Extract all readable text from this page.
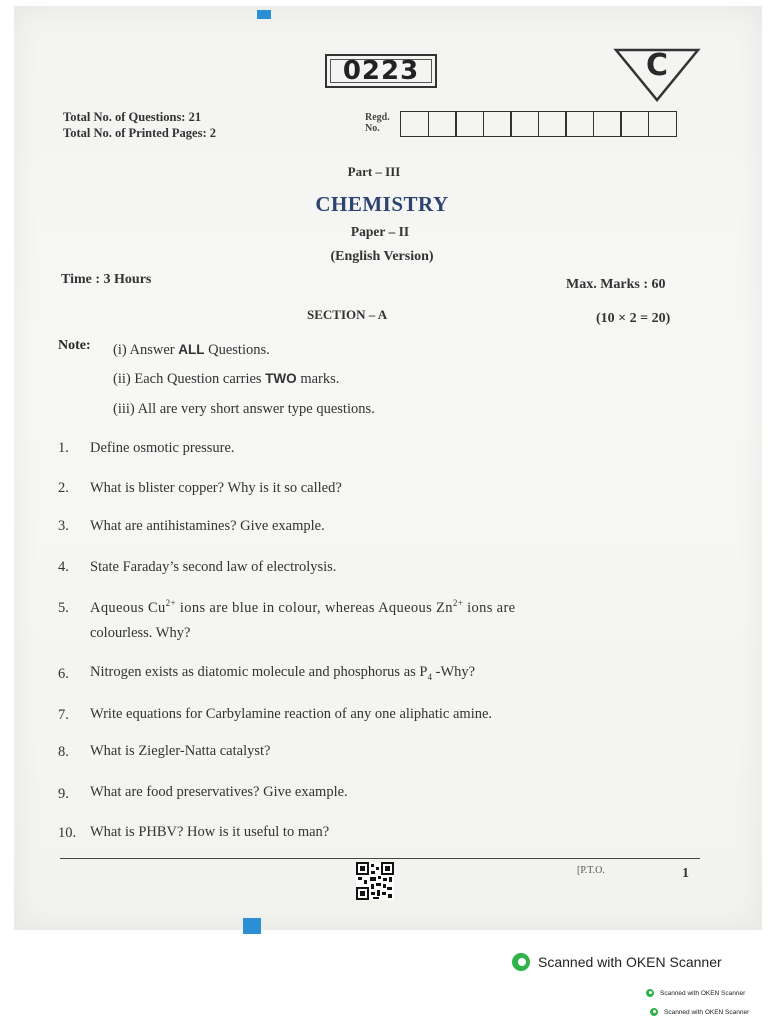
0223	C
Total No. of Questions: 21
Total No. of Printed Pages: 2
Regd.
No.
Part – III
CHEMISTRY
Paper – II
(English Version)
Time : 3 Hours	Max. Marks : 60
SECTION – A	(10 × 2 = 20)
Note: (i) Answer ALL Questions.
(ii) Each Question carries TWO marks.
(iii) All are very short answer type questions.
1. Define osmotic pressure.
2. What is blister copper? Why is it so called?
3. What are antihistamines? Give example.
4. State Faraday’s second law of electrolysis.
5. Aqueous $Cu^{2+}$ ions are blue in colour, whereas Aqueous $Zn^{2+}$ ions are
colourless. Why?
6. Nitrogen exists as diatomic molecule and phosphorus as $P_4$ -Why?
7. Write equations for Carbylamine reaction of any one aliphatic amine.
8. What is Ziegler-Natta catalyst?
9. What are food preservatives? Give example.
10. What is PHBV? How is it useful to man?
[P.T.O.	1
Scanned with OKEN Scanner
Scanned with OKEN Scanner
Scanned with OKEN Scanner
